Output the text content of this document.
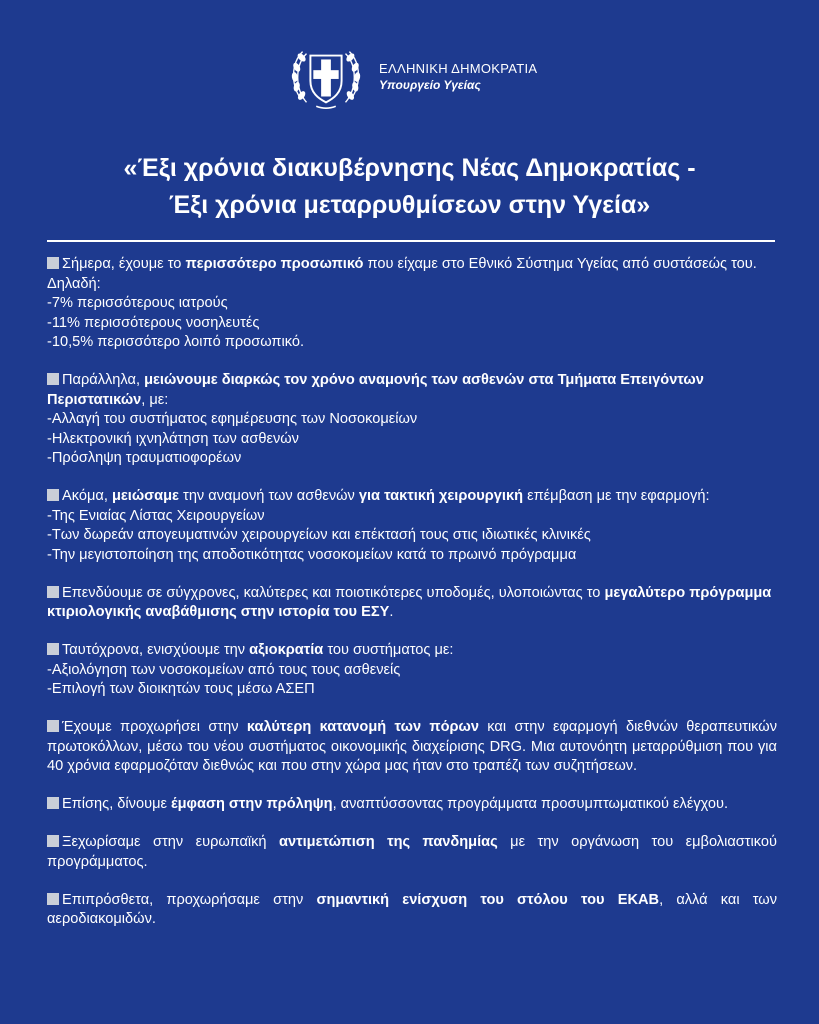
ΕΛΛΗΝΙΚΗ ΔΗΜΟΚΡΑΤΙΑ
Υπουργείο Υγείας
«Έξι χρόνια διακυβέρνησης Νέας Δημοκρατίας -
Έξι χρόνια μεταρρυθμίσεων στην Υγεία»

Σήμερα, έχουμε το περισσότερο προσωπικό που είχαμε στο Εθνικό Σύστημα Υγείας από συστάσεώς του. Δηλαδή:

-7% περισσότερους ιατρούς

-11% περισσότερους νοσηλευτές

-10,5% περισσότερο λοιπό προσωπικό.

Παράλληλα, μειώνουμε διαρκώς τον χρόνο αναμονής των ασθενών στα Τμήματα Επειγόντων Περιστατικών, με:

-Αλλαγή του συστήματος εφημέρευσης των Νοσοκομείων

-Ηλεκτρονική ιχνηλάτηση των ασθενών

-Πρόσληψη τραυματιοφορέων

Ακόμα, μειώσαμε την αναμονή των ασθενών για τακτική χειρουργική επέμβαση με την εφαρμογή:

-Της Ενιαίας Λίστας Χειρουργείων

-Των δωρεάν απογευματινών χειρουργείων και επέκτασή τους στις ιδιωτικές κλινικές

-Την μεγιστοποίηση της αποδοτικότητας νοσοκομείων κατά το πρωινό πρόγραμμα

Επενδύουμε σε σύγχρονες, καλύτερες και ποιοτικότερες υποδομές, υλοποιώντας το μεγαλύτερο πρόγραμμα κτιριολογικής αναβάθμισης στην ιστορία του ΕΣΥ.

Ταυτόχρονα, ενισχύουμε την αξιοκρατία του συστήματος με:

-Αξιολόγηση των νοσοκομείων από τους τους ασθενείς

-Επιλογή των διοικητών τους μέσω ΑΣΕΠ

Έχουμε προχωρήσει στην καλύτερη κατανομή των πόρων και στην εφαρμογή διεθνών θεραπευτικών πρωτοκόλλων, μέσω του νέου συστήματος οικονομικής διαχείρισης DRG. Μια αυτονόητη μεταρρύθμιση που για 40 χρόνια εφαρμοζόταν διεθνώς και που στην χώρα μας ήταν στο τραπέζι των συζητήσεων.

Επίσης, δίνουμε έμφαση στην πρόληψη, αναπτύσσοντας προγράμματα προσυμπτωματικού ελέγχου.

Ξεχωρίσαμε στην ευρωπαϊκή αντιμετώπιση της πανδημίας με την οργάνωση του εμβολιαστικού προγράμματος.

Επιπρόσθετα, προχωρήσαμε στην σημαντική ενίσχυση του στόλου του ΕΚΑΒ, αλλά και των αεροδιακομιδών.
